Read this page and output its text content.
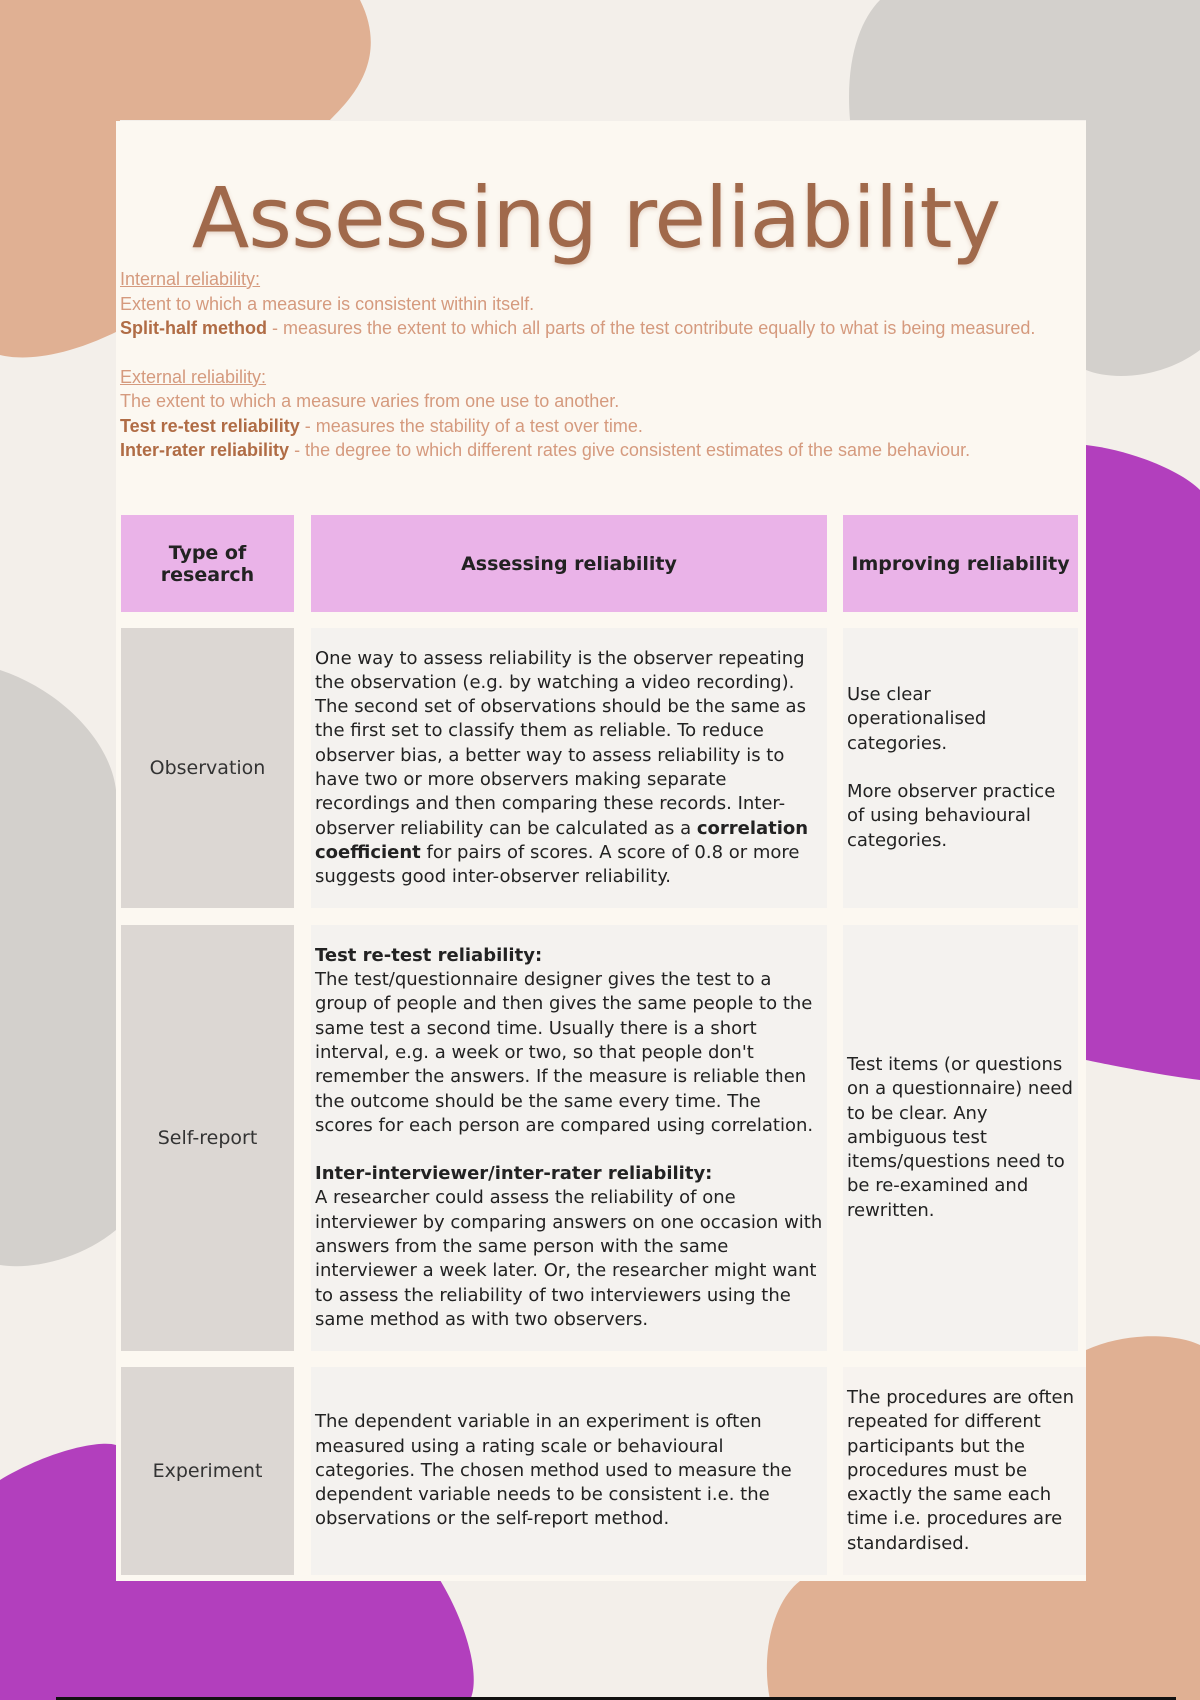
Assessing reliability

Internal reliability:

Extent to which a measure is consistent within itself.

Split-half method - measures the extent to which all parts of the test contribute equally to what is being measured.

External reliability:

The extent to which a measure varies from one use to another.

Test re-test reliability - measures the stability of a test over time.

Inter-rater reliability - the degree to which different rates give consistent estimates of the same behaviour.

Type of research	Assessing reliability	Improving reliability
Observation

One way to assess reliability is the observer repeating the observation (e.g. by watching a video recording). The second set of observations should be the same as the first set to classify them as reliable. To reduce observer bias, a better way to assess reliability is to have two or more observers making separate recordings and then comparing these records. Inter-observer reliability can be calculated as a correlation coefficient for pairs of scores. A score of 0.8 or more suggests good inter-observer reliability.

Use clear operationalised categories.

More observer practice of using behavioural categories.

Self-report

Test re-test reliability:

The test/questionnaire designer gives the test to a group of people and then gives the same people to the same test a second time. Usually there is a short interval, e.g. a week or two, so that people don't remember the answers. If the measure is reliable then the outcome should be the same every time. The scores for each person are compared using correlation.

Inter-interviewer/inter-rater reliability:

A researcher could assess the reliability of one interviewer by comparing answers on one occasion with answers from the same person with the same interviewer a week later. Or, the researcher might want to assess the reliability of two interviewers using the same method as with two observers.

Test items (or questions on a questionnaire) need to be clear. Any ambiguous test items/questions need to be re-examined and rewritten.

Experiment

The dependent variable in an experiment is often measured using a rating scale or behavioural categories. The chosen method used to measure the dependent variable needs to be consistent i.e. the observations or the self-report method.

The procedures are often repeated for different participants but the procedures must be exactly the same each time i.e. procedures are standardised.
